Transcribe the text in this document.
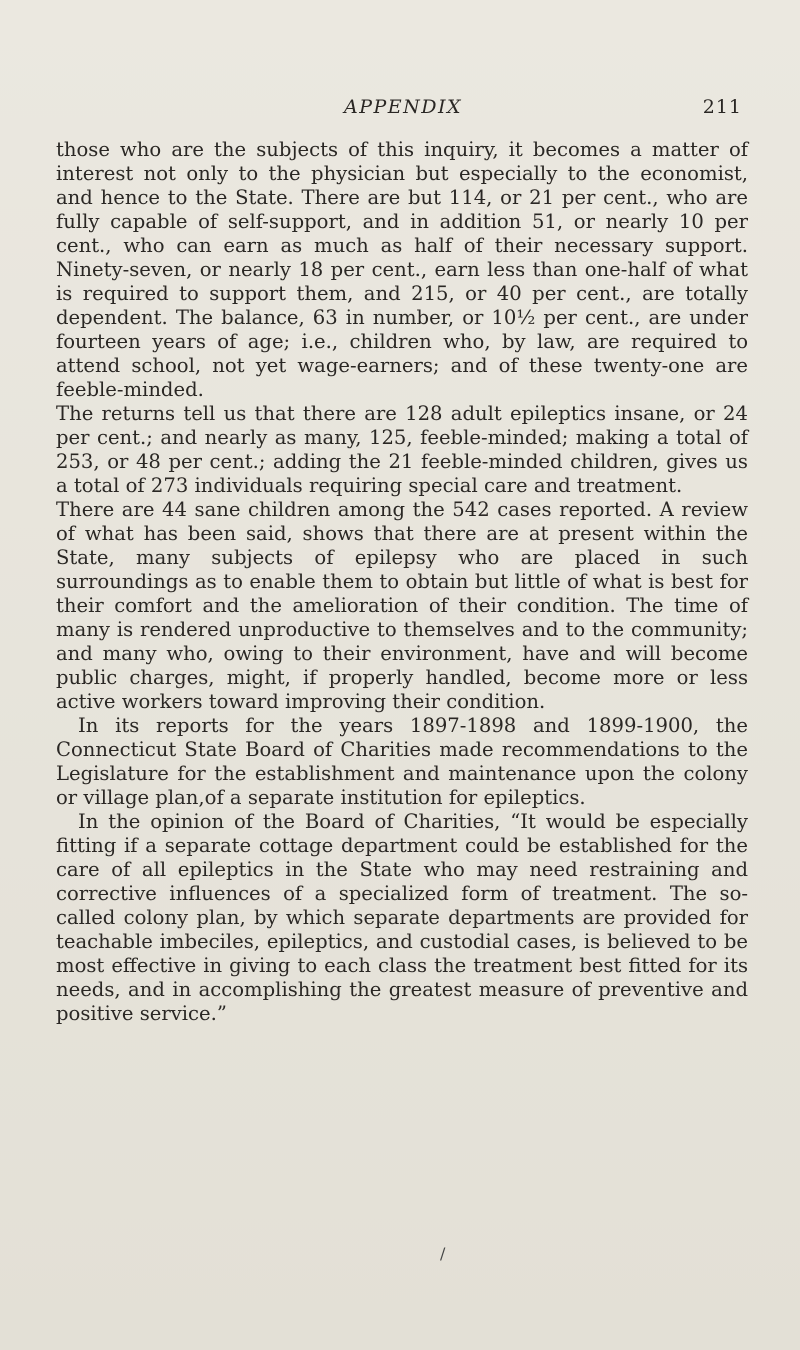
APPENDIX	211

those who are the subjects of this inquiry, it becomes a matter of interest not only to the physician but especially to the economist, and hence to the State. There are but 114, or 21 per cent., who are fully capable of self-support, and in addition 51, or nearly 10 per cent., who can earn as much as half of their necessary support. Ninety-seven, or nearly 18 per cent., earn less than one-half of what is required to support them, and 215, or 40 per cent., are totally dependent. The balance, 63 in number, or 10½ per cent., are under fourteen years of age; i.e., children who, by law, are required to attend school, not yet wage-earners; and of these twenty-one are feeble-minded.

The returns tell us that there are 128 adult epileptics insane, or 24 per cent.; and nearly as many, 125, feeble-minded; making a total of 253, or 48 per cent.; adding the 21 feeble-minded children, gives us a total of 273 individuals requiring special care and treatment.

There are 44 sane children among the 542 cases reported. A review of what has been said, shows that there are at present within the State, many subjects of epilepsy who are placed in such surroundings as to enable them to obtain but little of what is best for their comfort and the amelioration of their condition. The time of many is rendered unproductive to themselves and to the community; and many who, owing to their environment, have and will become public charges, might, if properly handled, become more or less active workers toward improving their condition.

In its reports for the years 1897-1898 and 1899-1900, the Connecticut State Board of Charities made recommendations to the Legislature for the establishment and maintenance upon the colony or village plan,of a separate institution for epileptics.

In the opinion of the Board of Charities, “It would be especially fitting if a separate cottage department could be established for the care of all epileptics in the State who may need restraining and corrective influences of a specialized form of treatment. The so-called colony plan, by which separate departments are provided for teachable imbeciles, epileptics, and custodial cases, is believed to be most effective in giving to each class the treatment best fitted for its needs, and in accomplishing the greatest measure of preventive and positive service.”

/
